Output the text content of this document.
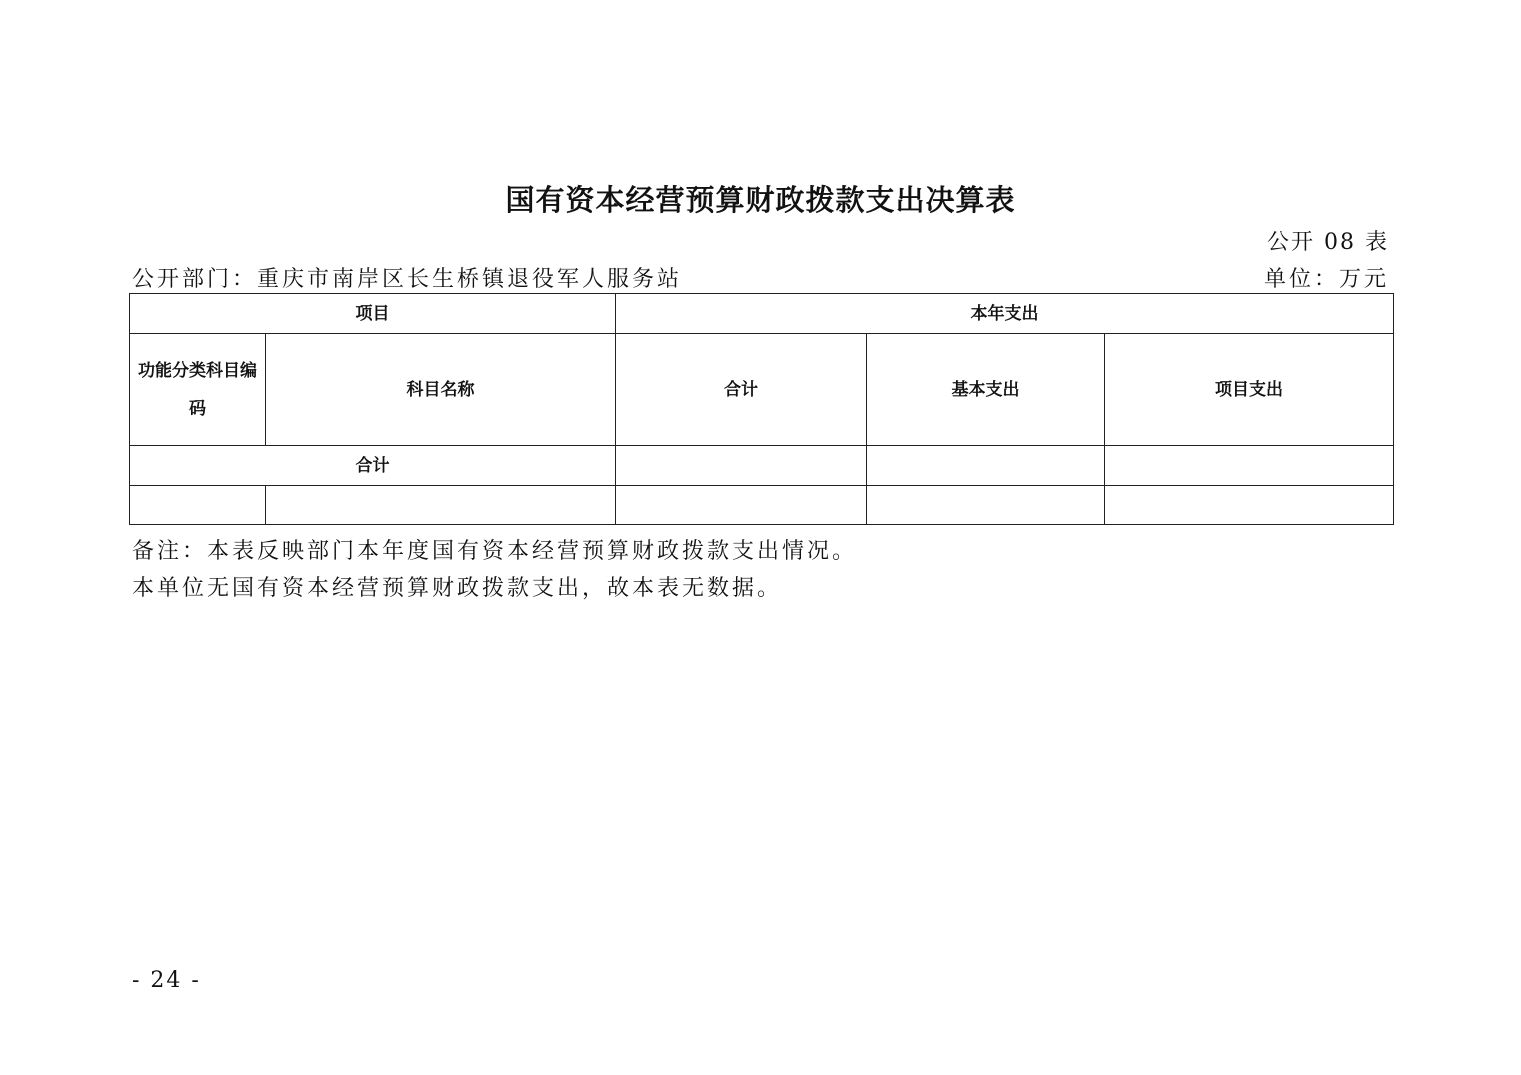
国有资本经营预算财政拨款支出决算表
公开 08 表
公开部门：重庆市南岸区长生桥镇退役军人服务站	单位：万元
项目		本年支出		
功能分类科目编码	科目名称	合计	基本支出	项目支出
合计				

备注：本表反映部门本年度国有资本经营预算财政拨款支出情况。
本单位无国有资本经营预算财政拨款支出，故本表无数据。
- 24 -
